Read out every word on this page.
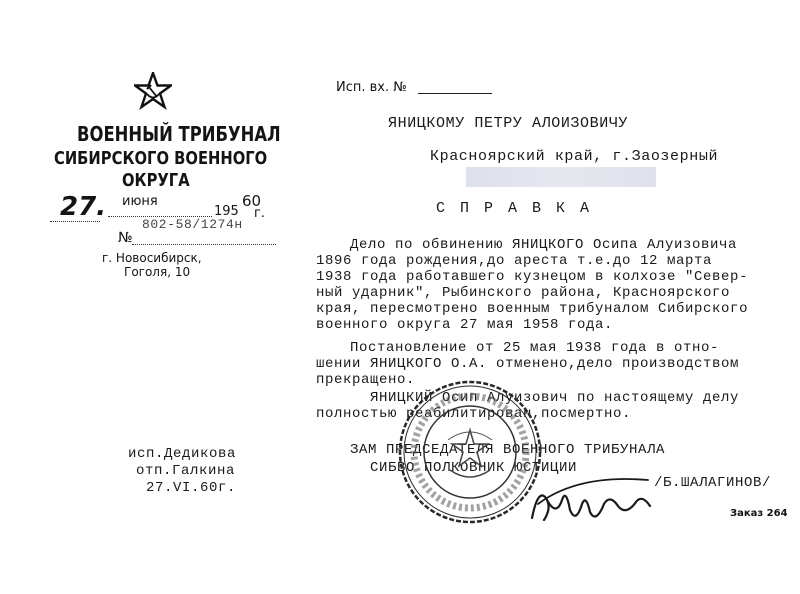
ВОЕННЫЙ ТРИБУНАЛ
СИБИРСКОГО ВОЕННОГО
ОКРУГА
27. июня
195
60
г.
№
802-58/1274н
г. Новосибирск,
Гоголя, 10
Исп. вх. №
ЯНИЦКОМУ ПЕТРУ АЛОИЗОВИЧУ
Красноярский край, г.Заозерный
С П Р А В К А
Дело по обвинению ЯНИЦКОГО Осипа Алуизовича
1896 года рождения,до ареста т.е.до 12 марта
1938 года работавшего кузнецом в колхозе "Север-
ный ударник", Рыбинского района, Красноярского
края, пересмотрено военным трибуналом Сибирского
военного округа 27 мая 1958 года.
Постановление от 25 мая 1938 года в отно-
шении ЯНИЦКОГО О.А. отменено,дело производством
прекращено.
ЯНИЦКИЙ Осип Алуизович по настоящему делу
полностью реабилитирован,посмертно.
ЗАМ ПРЕДСЕДАТЕЛЯ ВОЕННОГО ТРИБУНАЛА
СИБВО ПОЛКОВНИК ЮСТИЦИИ
/Б.ШАЛАГИНОВ/
исп.Дедикова
отп.Галкина
27.VI.60г.
Заказ 264
